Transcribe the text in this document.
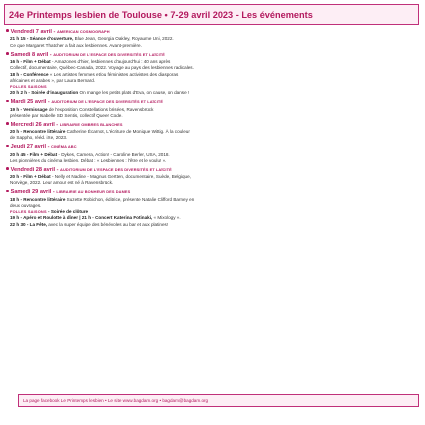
24e Printemps lesbien de Toulouse • 7-29 avril 2023 - Les événements
Vendredi 7 avril - AMERICAN COSMOGRAPH
21 h 15 - Séance d'ouverture, Blue Jean, Georgia Oakley, Royaume Uni, 2022.
Ce que Margaret Thatcher a fait aux lesbiennes. Avant-première.
Samedi 8 avril - AUDITORIUM DE L'ESPACE DES DIVERSITÉS ET LAÏCITÉ
16 h - Film + Débat - Amazones d'hier, lesbiennes d'aujourd'hui : 40 ans après
Collectif, documentaire, Québec-Canada, 2022. Voyage au pays des lesbiennes radicales.
18 h - Conférence « Les artistes femmes et/ou féministes activistes des diasporas
africaines et arabes », par Laura Bernard.
FOLLES SAISONS
20 h 2 h - Soirée d'inauguration On mange les petits plats d'Eva, on cause, on danse !
Mardi 25 avril - AUDITORIUM DE L'ESPACE DES DIVERSITÉS ET LAÏCITÉ
19 h - Vernissage de l'exposition Constellations brisées, Ravensbrück
présentée par Isabelle SD Sentis, collectif Queer Code.
Mercredi 26 avril - LIBRAIRIE OMBRES BLANCHES
20 h - Rencontre littéraire Catherine Écarnot, L'écriture de Monique Wittig. À la couleur
de Sappho, rééd. iXe, 2023.
Jeudi 27 avril - CINÉMA ABC
20 h 45 - Film + Débat - Dykes, Camera, Action! - Caroline Berler, USA, 2018.
Les pionnières du cinéma lesbien. Débat : « Lesbiennes : l'être et le voulu! ».
Vendredi 28 avril - AUDITORIUM DE L'ESPACE DES DIVERSITÉS ET LAÏCITÉ
20 h - Film + Débat - Nelly et Nadine - Magnus Gertten, documentaire, Suède, Belgique,
Norvège, 2022. Leur amour est né à Ravensbrück.
Samedi 29 avril - LIBRAIRIE AU BONHEUR DES DAMES
18 h - Rencontre littéraire Suzette Robichon, éditrice, présente Natalie Clifford Barney en
deux ouvrages.
FOLLES SAISONS - Soirée de clôture
19 h - Apéro et Roulotte à dîner | 21 h - Concert Katerina Fotinaki, « Mixology ».
22 h 30 - La Fête, avec la super équipe des bénévoles au bar et aux platines!
La page facebook Le Printemps lesbien • Le site www.bagdam.org • bagdam@bagdam.org
